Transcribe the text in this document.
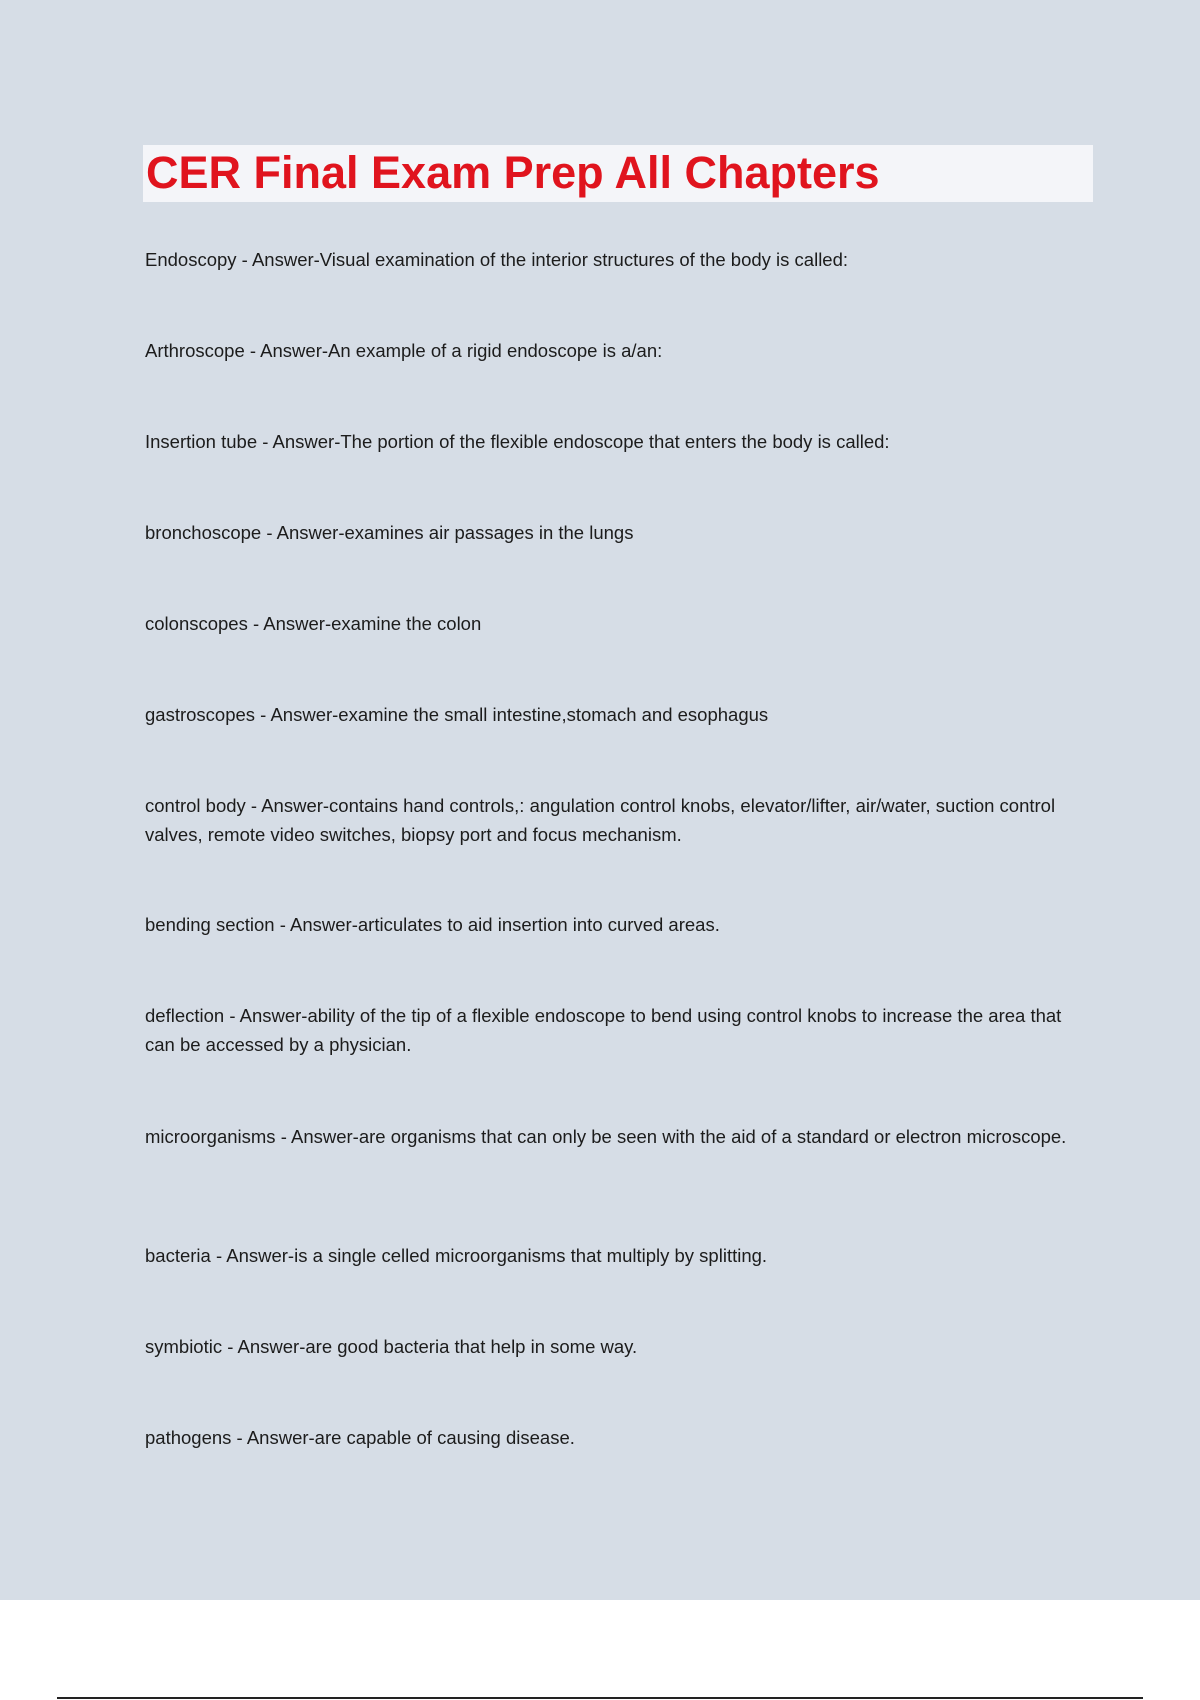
CER Final Exam Prep All Chapters

Endoscopy - Answer-Visual examination of the interior structures of the body is called:

Arthroscope - Answer-An example of a rigid endoscope is a/an:

Insertion tube - Answer-The portion of the flexible endoscope that enters the body is called:

bronchoscope - Answer-examines air passages in the lungs

colonscopes - Answer-examine the colon

gastroscopes - Answer-examine the small intestine,stomach and esophagus

control body - Answer-contains hand controls,: angulation control knobs, elevator/lifter, air/water, suction control valves, remote video switches, biopsy port and focus mechanism.

bending section - Answer-articulates to aid insertion into curved areas.

deflection - Answer-ability of the tip of a flexible endoscope to bend using control knobs to increase the area that can be accessed by a physician.

microorganisms - Answer-are organisms that can only be seen with the aid of a standard or electron microscope.

bacteria - Answer-is a single celled microorganisms that multiply by splitting.

symbiotic - Answer-are good bacteria that help in some way.

pathogens - Answer-are capable of causing disease.
